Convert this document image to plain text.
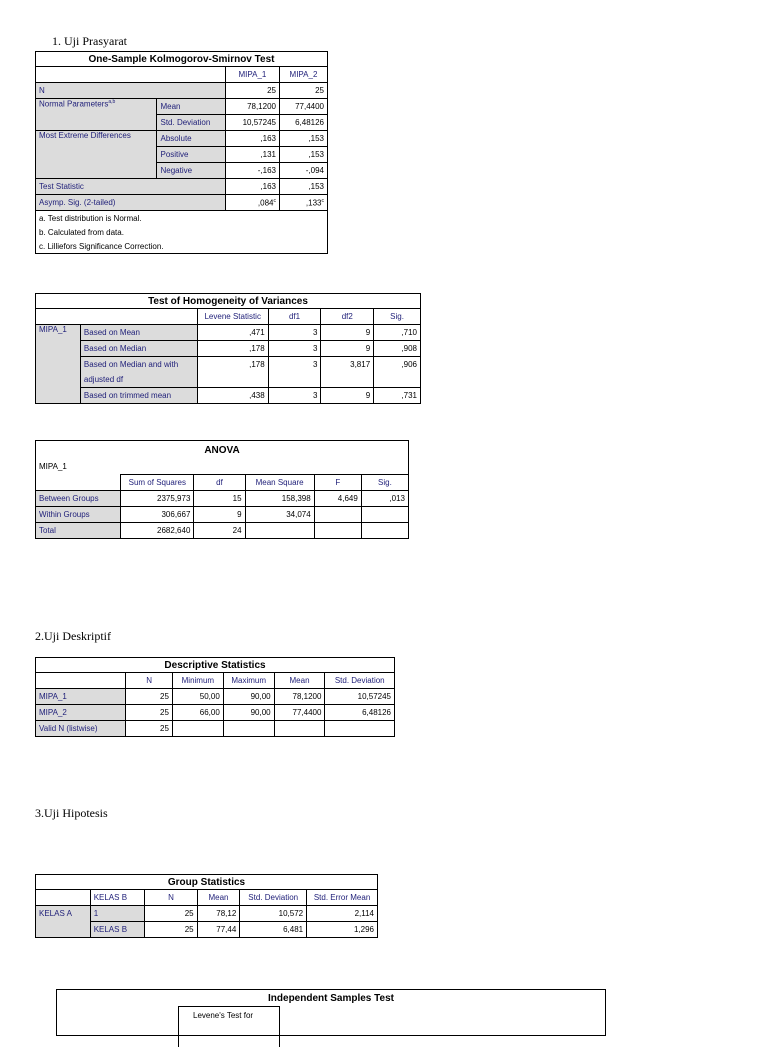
1. Uji Prasyarat
One-Sample Kolmogorov-Smirnov Test			
		MIPA_1	MIPA_2
N		25	25
Normal Parameters$^{a,b}$	Mean	78,1200	77,4400
	Std. Deviation	10,57245	6,48126
Most Extreme Differences	Absolute	,163	,153
	Positive	,131	,153
	Negative	-,163	-,094
Test Statistic		,163	,153
Asymp. Sig. (2-tailed)		,084$^c$	,133$^c$
a. Test distribution is Normal.			
b. Calculated from data.			
c. Lilliefors Significance Correction.			
Test of Homogeneity of Variances					
		Levene Statistic	df1	df2	Sig.
MIPA_1	Based on Mean	,471	3	9	,710
	Based on Median	,178	3	9	,908
	Based on Median and with	,178	3	3,817	,906
	adjusted df				
	Based on trimmed mean	,438	3	9	,731
ANOVA					
MIPA_1					
	Sum of Squares	df	Mean Square	F	Sig.
Between Groups	2375,973	15	158,398	4,649	,013
Within Groups	306,667	9	34,074		
Total	2682,640	24			
2.Uji Deskriptif
Descriptive Statistics					
	N	Minimum	Maximum	Mean	Std. Deviation
MIPA_1	25	50,00	90,00	78,1200	10,57245
MIPA_2	25	66,00	90,00	77,4400	6,48126
Valid N (listwise)	25				
3.Uji Hipotesis
Group Statistics					
	KELAS B	N	Mean	Std. Deviation	Std. Error Mean
KELAS A	1	25	78,12	10,572	2,114
	KELAS B	25	77,44	6,481	1,296
Independent Samples Test
Levene's Test for
